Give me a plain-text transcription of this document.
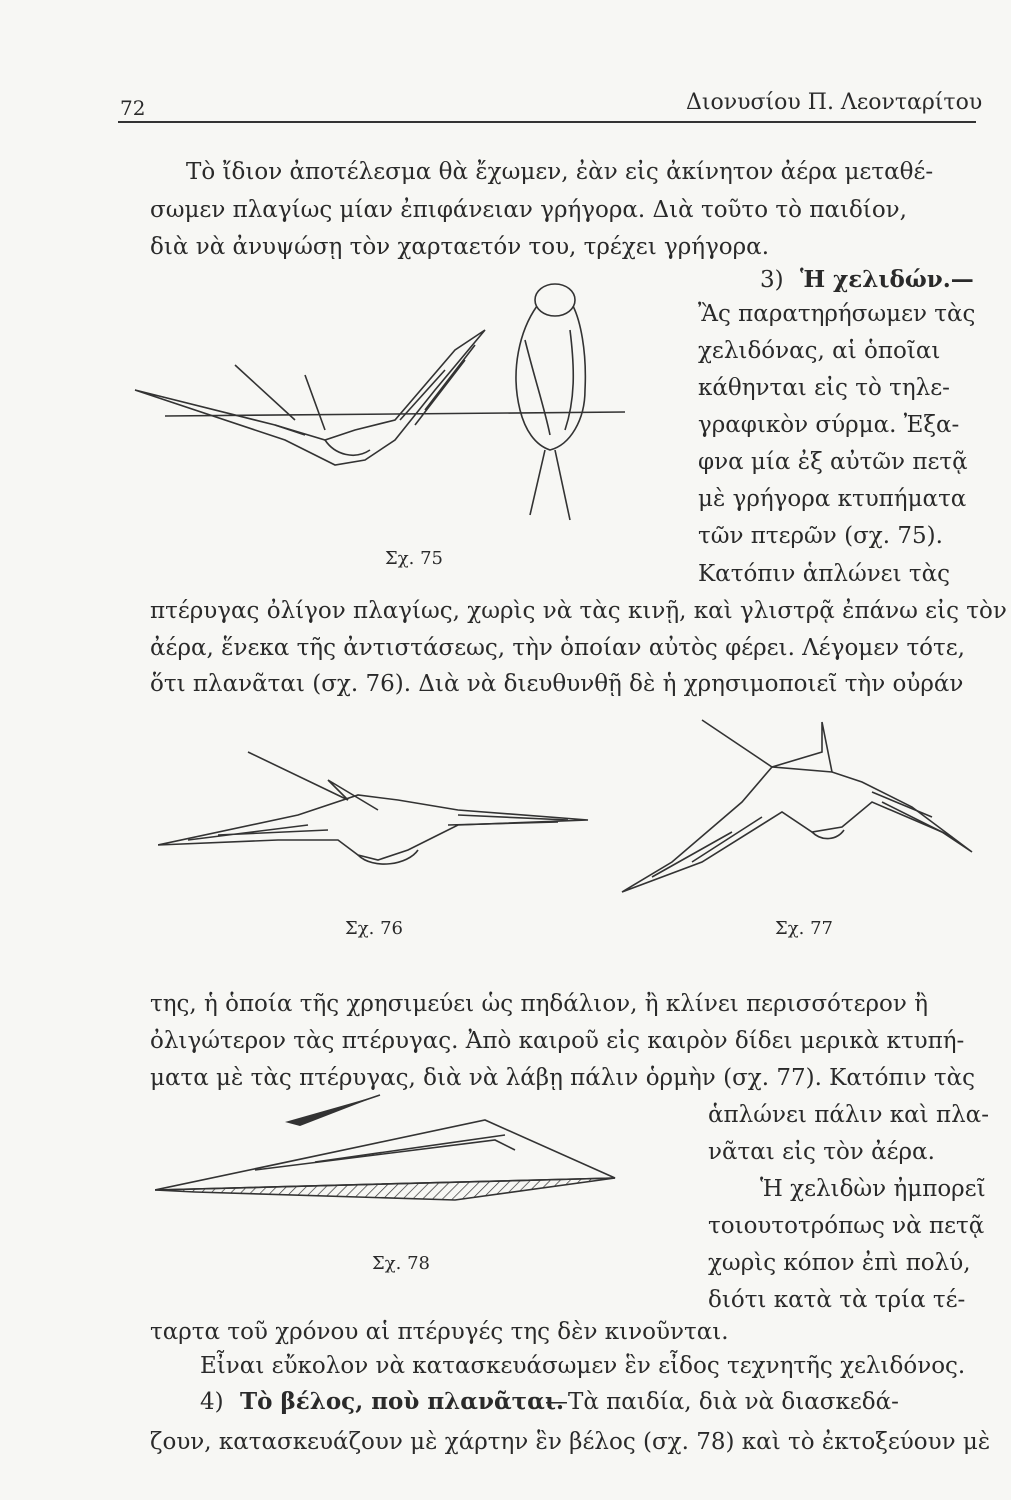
72	Διονυσίου Π. Λεονταρίτου
Τὸ ἴδιον ἀποτέλεσμα θὰ ἔχωμεν, ἐὰν εἰς ἀκίνητον ἀέρα μεταθέ-
σωμεν πλαγίως μίαν ἐπιφάνειαν γρήγορα. Διὰ τοῦτο τὸ παιδίον,
διὰ νὰ ἀνυψώσῃ τὸν χαρταετόν του, τρέχει γρήγορα.
3) Ἡ χελιδών.—
Ἂς παρατηρήσωμεν τὰς
χελιδόνας, αἱ ὁποῖαι
κάθηνται εἰς τὸ τηλε-
γραφικὸν σύρμα. Ἐξα-
φνα μία ἐξ αὐτῶν πετᾷ
μὲ γρήγορα κτυπήματα
τῶν πτερῶν (σχ. 75).
Κατόπιν ἁπλώνει τὰς
Σχ. 75
πτέρυγας ὀλίγον πλαγίως, χωρὶς νὰ τὰς κινῇ, καὶ γλιστρᾷ ἐπάνω εἰς τὸν
ἀέρα, ἕνεκα τῆς ἀντιστάσεως, τὴν ὁποίαν αὐτὸς φέρει. Λέγομεν τότε,
ὅτι πλανᾶται (σχ. 76). Διὰ νὰ διευθυνθῇ δὲ ἡ χρησιμοποιεῖ τὴν οὐράν
Σχ. 76	Σχ. 77
της, ἡ ὁποία τῆς χρησιμεύει ὡς πηδάλιον, ἢ κλίνει περισσότερον ἢ
ὀλιγώτερον τὰς πτέρυγας. Ἀπὸ καιροῦ εἰς καιρὸν δίδει μερικὰ κτυπή-
ματα μὲ τὰς πτέρυγας, διὰ νὰ λάβῃ πάλιν ὁρμὴν (σχ. 77). Κατόπιν τὰς
ἁπλώνει πάλιν καὶ πλα-
νᾶται εἰς τὸν ἀέρα.
Ἡ χελιδὼν ἠμπορεῖ
τοιουτοτρόπως νὰ πετᾷ
χωρὶς κόπον ἐπὶ πολύ,
διότι κατὰ τὰ τρία τέ-
Σχ. 78
ταρτα τοῦ χρόνου αἱ πτέρυγές της δὲν κινοῦνται.
Εἶναι εὔκολον νὰ κατασκευάσωμεν ἓν εἶδος τεχνητῆς χελιδόνος.
4) Τὸ βέλος, ποὺ πλανᾶται.
—Τὰ παιδία, διὰ νὰ διασκεδά-
ζουν, κατασκευάζουν μὲ χάρτην ἓν βέλος (σχ. 78) καὶ τὸ ἐκτοξεύουν μὲ
